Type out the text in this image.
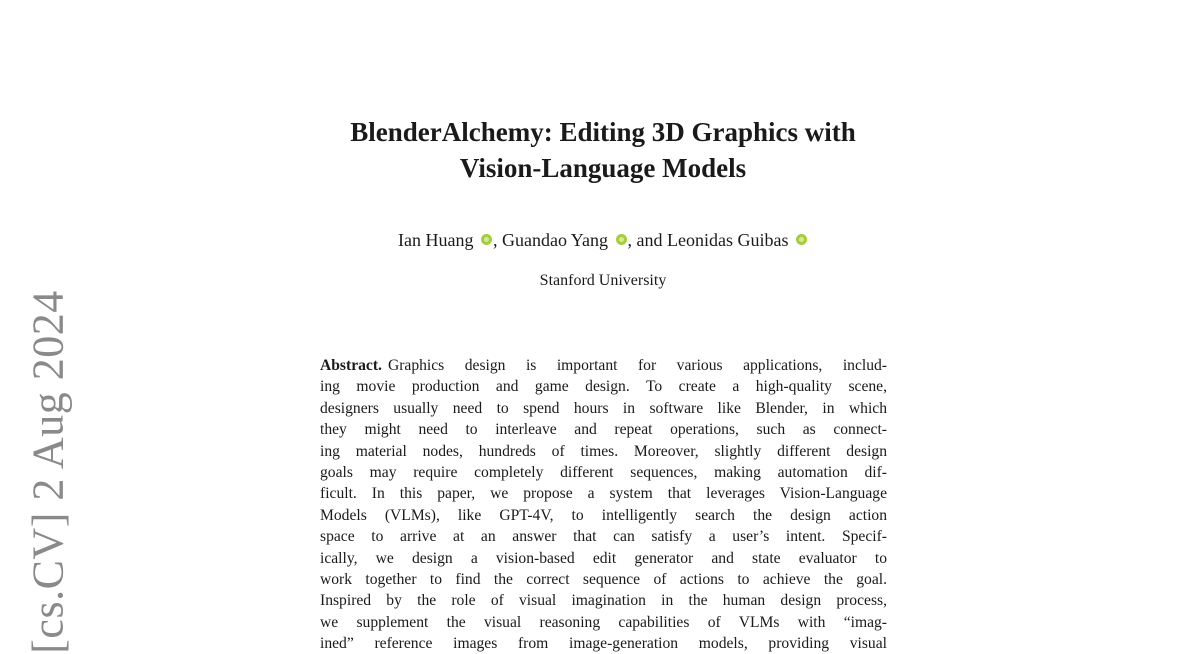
[cs.CV] 2 Aug 2024
BlenderAlchemy: Editing 3D Graphics with
Vision-Language Models
Ian Huang , Guandao Yang , and Leonidas Guibas
Stanford University
Abstract. Graphics design is important for various applications, includ-
ing movie production and game design. To create a high-quality scene,
designers usually need to spend hours in software like Blender, in which
they might need to interleave and repeat operations, such as connect-
ing material nodes, hundreds of times. Moreover, slightly different design
goals may require completely different sequences, making automation dif-
ficult. In this paper, we propose a system that leverages Vision-Language
Models (VLMs), like GPT-4V, to intelligently search the design action
space to arrive at an answer that can satisfy a user’s intent. Specif-
ically, we design a vision-based edit generator and state evaluator to
work together to find the correct sequence of actions to achieve the goal.
Inspired by the role of visual imagination in the human design process,
we supplement the visual reasoning capabilities of VLMs with “imag-
ined” reference images from image-generation models, providing visual
